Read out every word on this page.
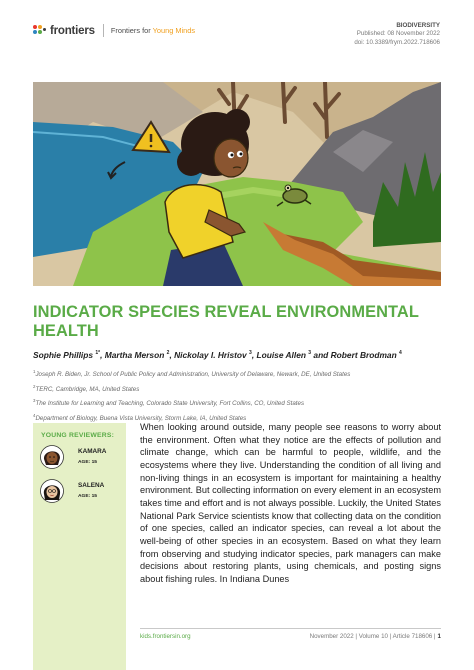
frontiers Frontiers for Young Minds
BIODIVERSITY
Published: 08 November 2022
doi: 10.3389/frym.2022.718606
INDICATOR SPECIES REVEAL ENVIRONMENTAL HEALTH
Sophie Phillips $^{1*}$, Martha Merson $^2$, Nickolay I. Hristov $^3$, Louise Allen $^3$ and Robert Brodman $^4$
$^1$Joseph R. Biden, Jr. School of Public Policy and Administration, University of Delaware, Newark, DE, United States
$^2$TERC, Cambridge, MA, United States
$^3$The Institute for Learning and Teaching, Colorado State University, Fort Collins, CO, United States
$^4$Department of Biology, Buena Vista University, Storm Lake, IA, United States
YOUNG REVIEWERS:
KAMARA
AGE: 15
SALENA
AGE: 15

When looking around outside, many people see reasons to worry about the environment. Often what they notice are the effects of pollution and climate change, which can be harmful to people, wildlife, and the ecosystems where they live. Understanding the condition of all living and non-living things in an ecosystem is important for maintaining a healthy environment. But collecting information on every element in an ecosystem takes time and effort and is not always possible. Luckily, the United States National Park Service scientists know that collecting data on the condition of one species, called an indicator species, can reveal a lot about the well-being of other species in an ecosystem. Based on what they learn from observing and studying indicator species, park managers can make decisions about restoring plants, using chemicals, and posting signs about fishing rules. In Indiana Dunes

kids.frontiersin.org	November 2022 | Volume 10 | Article 718606 | 1
